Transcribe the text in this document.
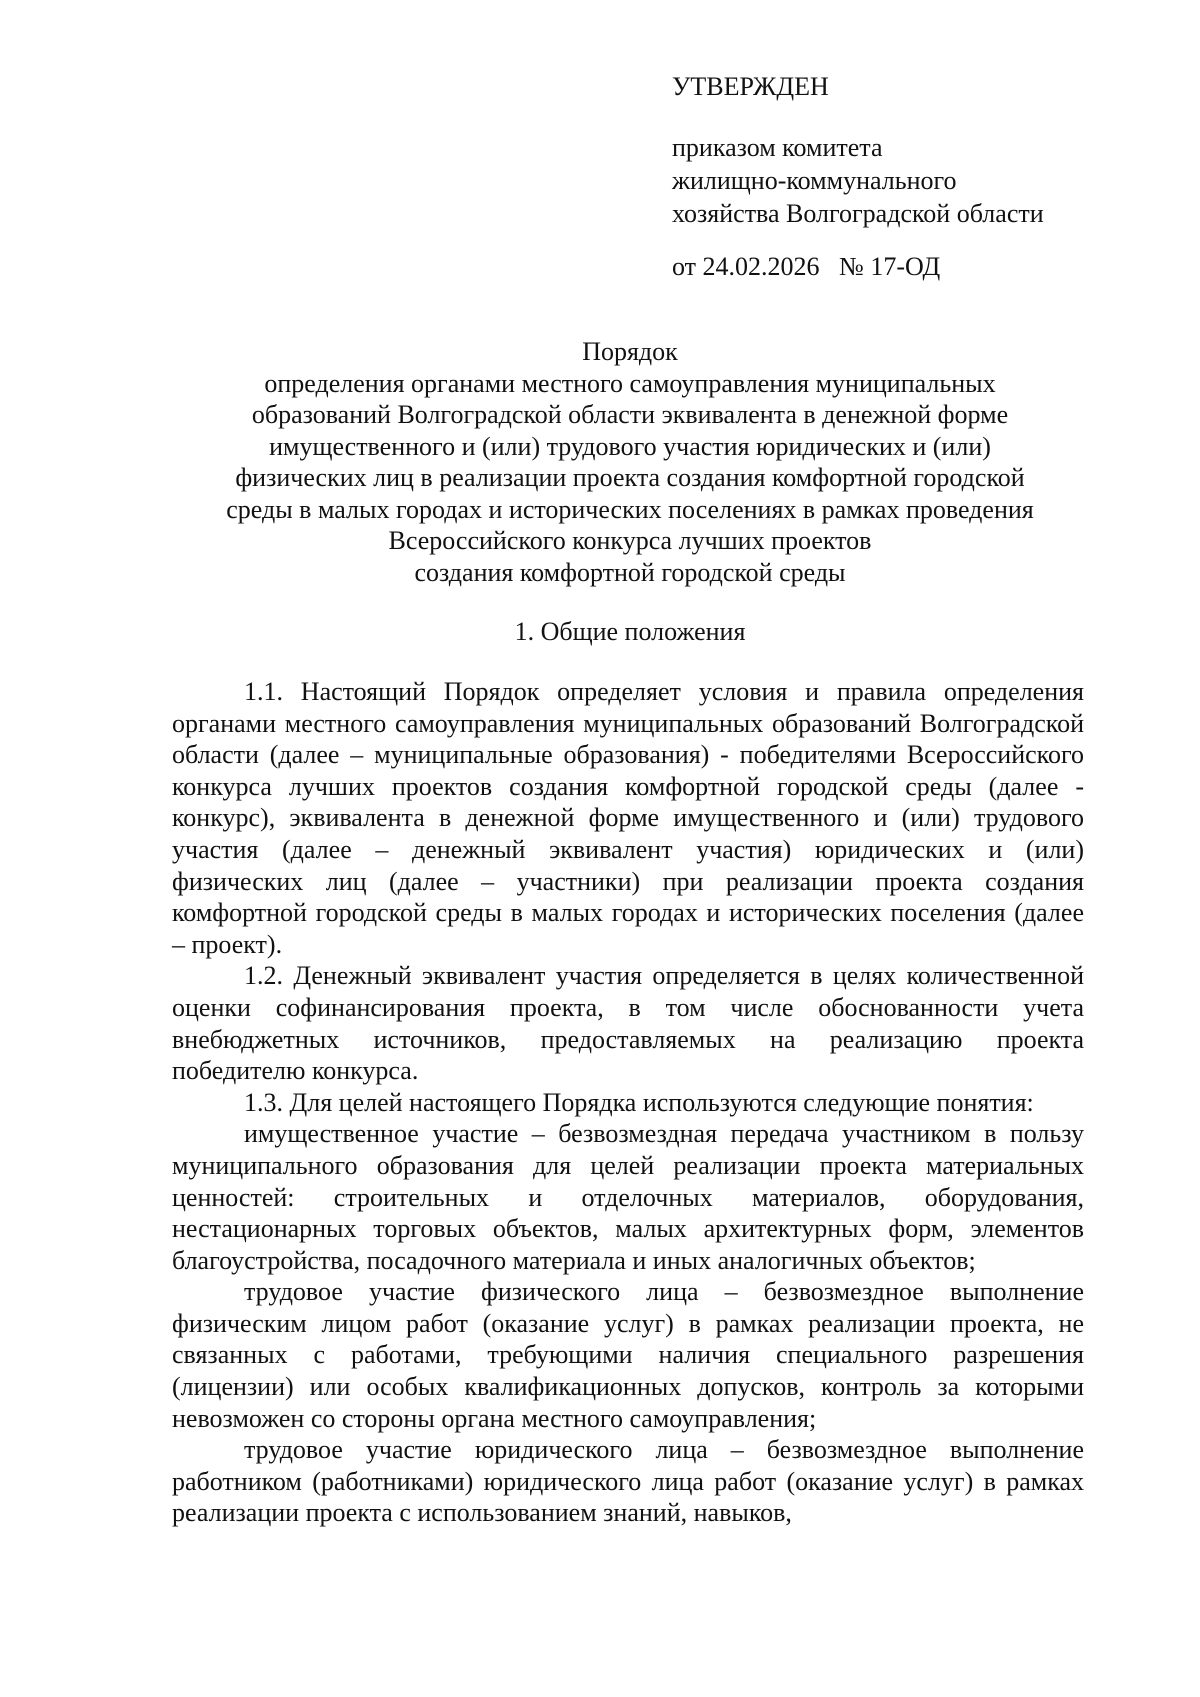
УТВЕРЖДЕН
приказом комитета
жилищно-коммунального
хозяйства Волгоградской области
от 24.02.2026   № 17-ОД
Порядок
определения органами местного самоуправления муниципальных
образований Волгоградской области эквивалента в денежной форме
имущественного и (или) трудового участия юридических и (или)
физических лиц в реализации проекта создания комфортной городской
среды в малых городах и исторических поселениях в рамках проведения
Всероссийского конкурса лучших проектов
создания комфортной городской среды
1. Общие положения

1.1. Настоящий Порядок определяет условия и правила определения органами местного самоуправления муниципальных образований Волгоградской области (далее – муниципальные образования) - победителями Всероссийского конкурса лучших проектов создания комфортной городской среды (далее - конкурс), эквивалента в денежной форме имущественного и (или) трудового участия (далее – денежный эквивалент участия) юридических и (или) физических лиц (далее – участники) при реализации проекта создания комфортной городской среды в малых городах и исторических поселения (далее – проект).

1.2. Денежный эквивалент участия определяется в целях количественной оценки софинансирования проекта, в том числе обоснованности учета внебюджетных источников, предоставляемых на реализацию проекта победителю конкурса.

1.3. Для целей настоящего Порядка используются следующие понятия:

имущественное участие – безвозмездная передача участником в пользу муниципального образования для целей реализации проекта материальных ценностей: строительных и отделочных материалов, оборудования, нестационарных торговых объектов, малых архитектурных форм, элементов благоустройства, посадочного материала и иных аналогичных объектов;

трудовое участие физического лица – безвозмездное выполнение физическим лицом работ (оказание услуг) в рамках реализации проекта, не связанных с работами, требующими наличия специального разрешения (лицензии) или особых квалификационных допусков, контроль за которыми невозможен со стороны органа местного самоуправления;

трудовое участие юридического лица – безвозмездное выполнение работником (работниками) юридического лица работ (оказание услуг) в рамках реализации проекта с использованием знаний, навыков,
